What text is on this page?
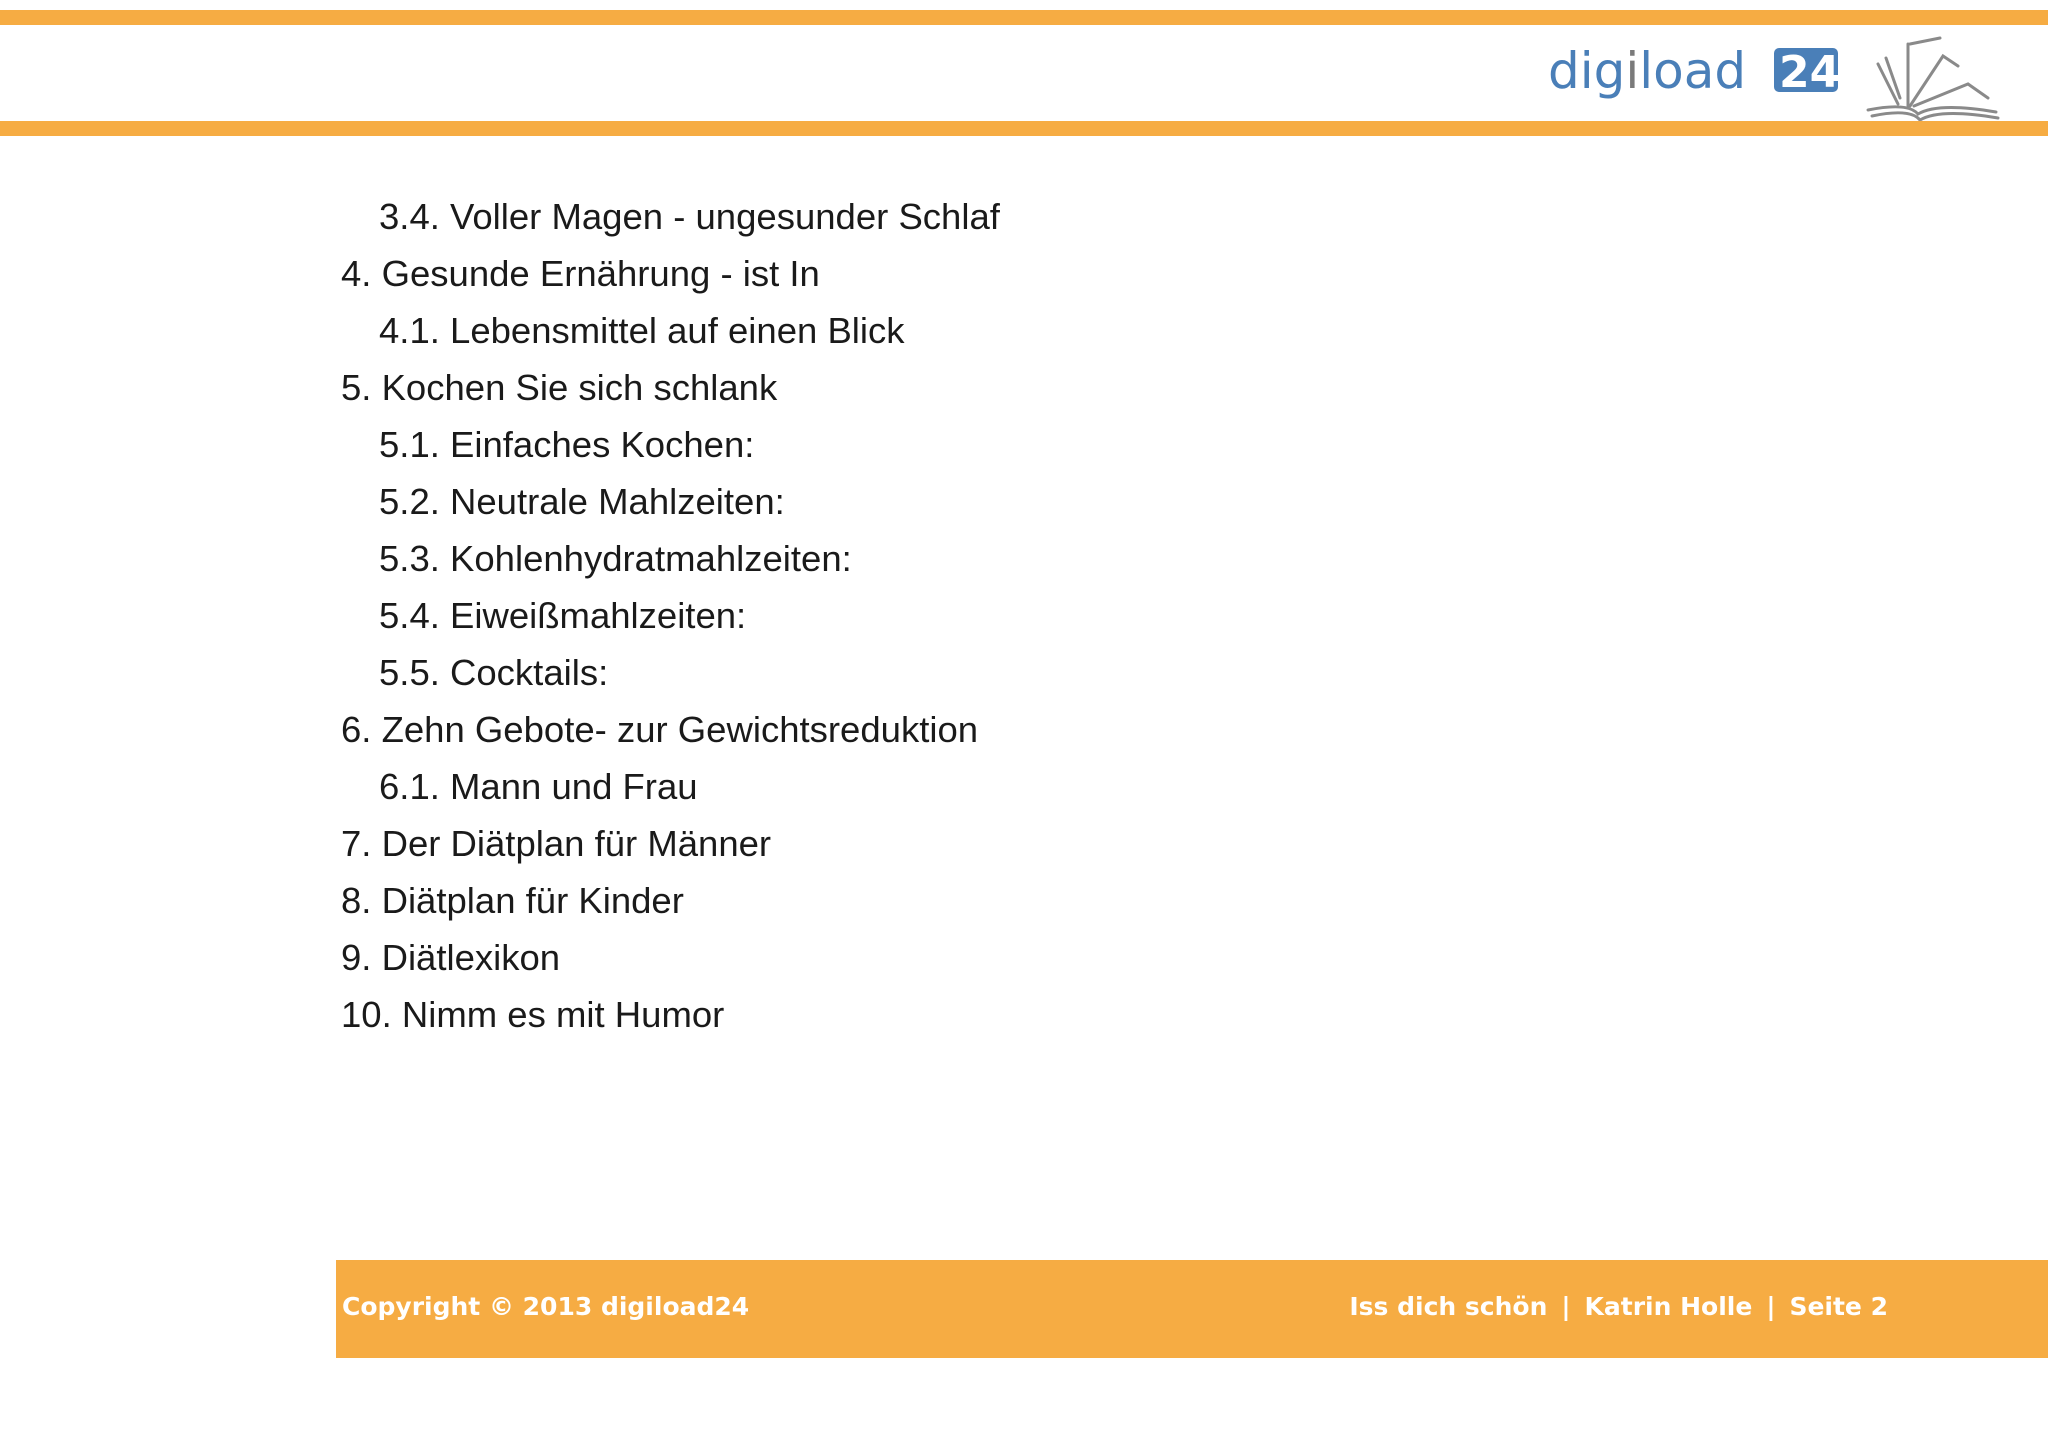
digiload 24
3.4. Voller Magen - ungesunder Schlaf
4. Gesunde Ernährung - ist In
4.1. Lebensmittel auf einen Blick
5. Kochen Sie sich schlank
5.1. Einfaches Kochen:
5.2. Neutrale Mahlzeiten:
5.3. Kohlenhydratmahlzeiten:
5.4. Eiweißmahlzeiten:
5.5. Cocktails:
6. Zehn Gebote- zur Gewichtsreduktion
6.1. Mann und Frau
7. Der Diätplan für Männer
8. Diätplan für Kinder
9. Diätlexikon
10. Nimm es mit Humor
Copyright © 2013 digiload24	Iss dich schön | Katrin Holle | Seite 2
